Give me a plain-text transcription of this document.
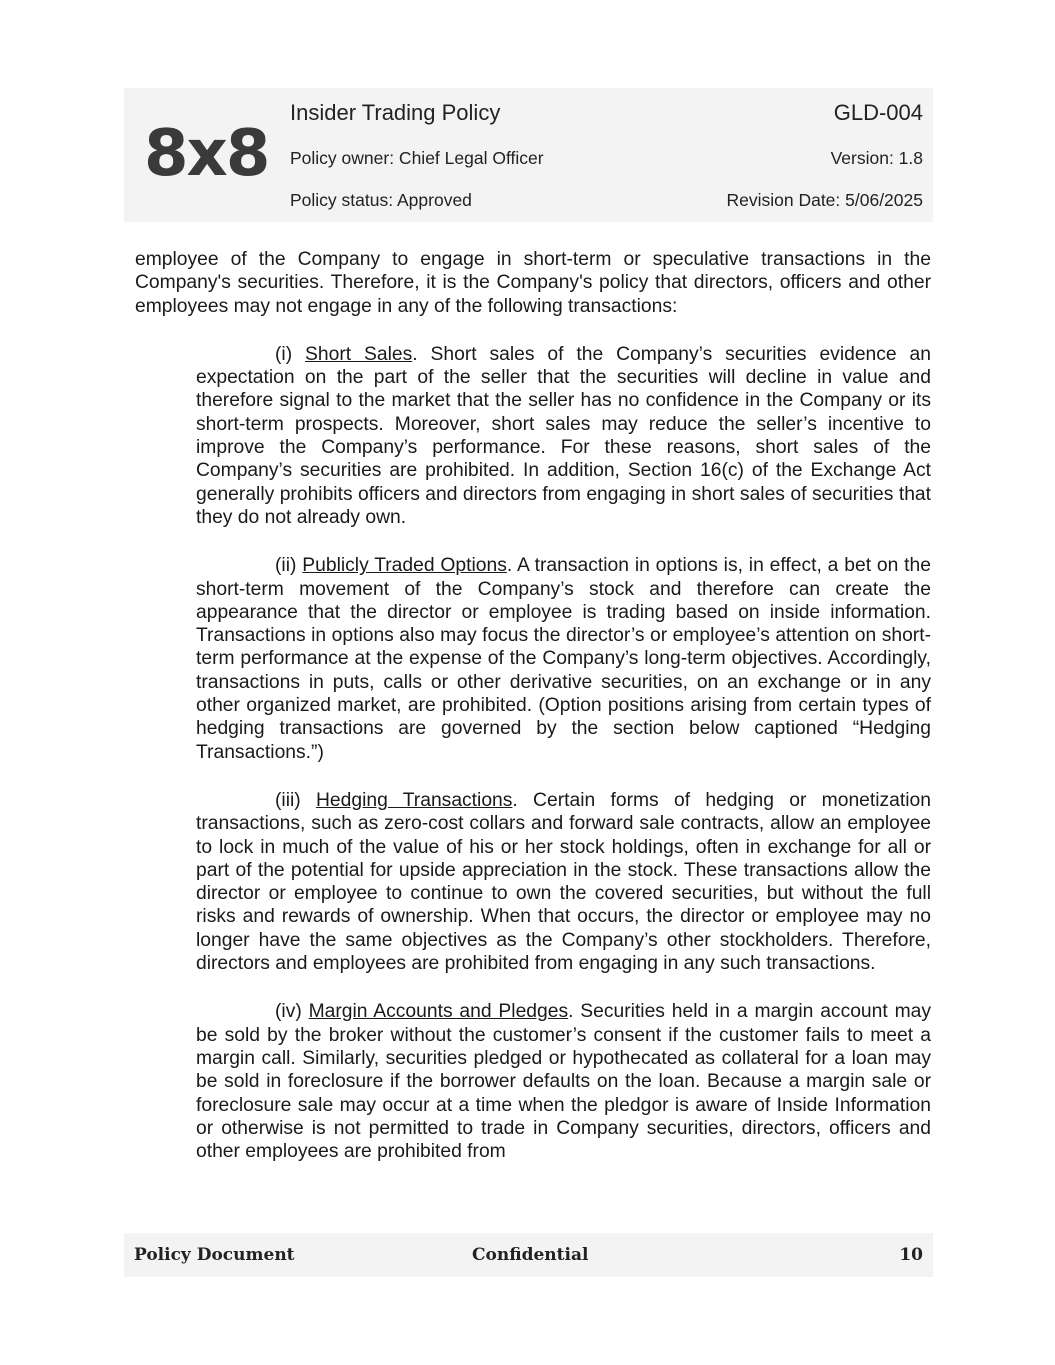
8x8
Insider Trading Policy	GLD-004
Policy owner: Chief Legal Officer	Version: 1.8
Policy status: Approved	Revision Date: 5/06/2025

employee of the Company to engage in short-term or speculative transactions in the Company's securities. Therefore, it is the Company's policy that directors, officers and other employees may not engage in any of the following transactions:

(i) Short Sales. Short sales of the Company’s securities evidence an expectation on the part of the seller that the securities will decline in value and therefore signal to the market that the seller has no confidence in the Company or its short-term prospects. Moreover, short sales may reduce the seller’s incentive to improve the Company’s performance. For these reasons, short sales of the Company’s securities are prohibited. In addition, Section 16(c) of the Exchange Act generally prohibits officers and directors from engaging in short sales of securities that they do not already own.

(ii) Publicly Traded Options. A transaction in options is, in effect, a bet on the short-term movement of the Company’s stock and therefore can create the appearance that the director or employee is trading based on inside information. Transactions in options also may focus the director’s or employee’s attention on short-term performance at the expense of the Company’s long-term objectives. Accordingly, transactions in puts, calls or other derivative securities, on an exchange or in any other organized market, are prohibited. (Option positions arising from certain types of hedging transactions are governed by the section below captioned “Hedging Transactions.”)

(iii) Hedging Transactions. Certain forms of hedging or monetization transactions, such as zero-cost collars and forward sale contracts, allow an employee to lock in much of the value of his or her stock holdings, often in exchange for all or part of the potential for upside appreciation in the stock. These transactions allow the director or employee to continue to own the covered securities, but without the full risks and rewards of ownership. When that occurs, the director or employee may no longer have the same objectives as the Company’s other stockholders. Therefore, directors and employees are prohibited from engaging in any such transactions.

(iv) Margin Accounts and Pledges. Securities held in a margin account may be sold by the broker without the customer’s consent if the customer fails to meet a margin call. Similarly, securities pledged or hypothecated as collateral for a loan may be sold in foreclosure if the borrower defaults on the loan. Because a margin sale or foreclosure sale may occur at a time when the pledgor is aware of Inside Information or otherwise is not permitted to trade in Company securities, directors, officers and other employees are prohibited from

Policy Document	Confidential	10
